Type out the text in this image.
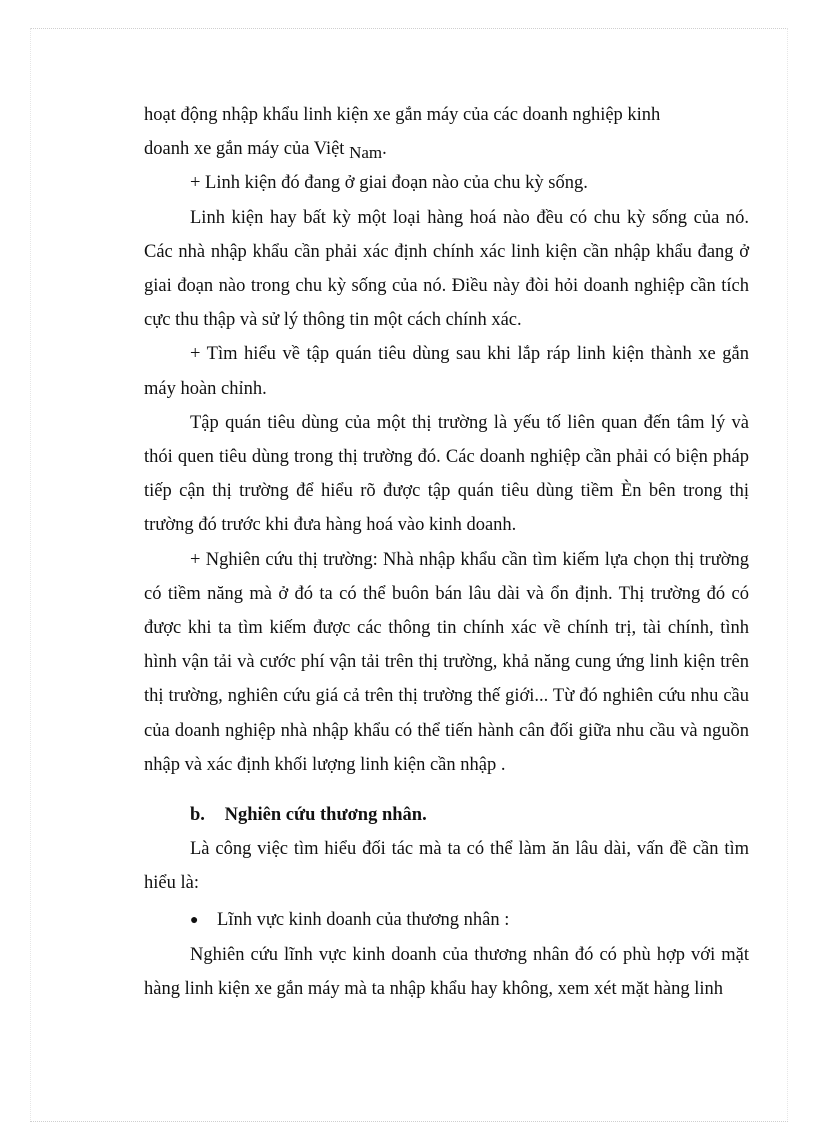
hoạt động nhập khẩu linh kiện xe gắn máy của các doanh nghiệp kinh
doanh xe gắn máy của Việt Nam.

+ Linh kiện đó đang ở giai đoạn nào của chu kỳ sống.

Linh kiện hay bất kỳ một loại hàng hoá nào đều có chu kỳ sống của nó. Các nhà nhập khẩu cần phải xác định chính xác linh kiện cần nhập khẩu đang ở giai đoạn nào trong chu kỳ sống của nó. Điều này đòi hỏi doanh nghiệp cần tích cực thu thập và sử lý thông tin một cách chính xác.

+ Tìm hiểu về tập quán tiêu dùng sau khi lắp ráp linh kiện thành xe gắn máy hoàn chỉnh.

Tập quán tiêu dùng của một thị trường là yếu tố liên quan đến tâm lý và thói quen tiêu dùng trong thị trường đó. Các doanh nghiệp cần phải có biện pháp tiếp cận thị trường để hiểu rõ được tập quán tiêu dùng tiềm Èn bên trong thị trường đó trước khi đưa hàng hoá vào kinh doanh.

+ Nghiên cứu thị trường: Nhà nhập khẩu cần tìm kiếm lựa chọn thị trường có tiềm năng mà ở đó ta có thể buôn bán lâu dài và ổn định. Thị trường đó có được khi ta tìm kiếm được các thông tin chính xác về chính trị, tài chính, tình hình vận tải và cước phí vận tải trên thị trường, khả năng cung ứng linh kiện trên thị trường, nghiên cứu giá cả trên thị trường thế giới... Từ đó nghiên cứu nhu cầu của doanh nghiệp nhà nhập khẩu có thể tiến hành cân đối giữa nhu cầu và nguồn nhập và xác định khối lượng linh kiện cần nhập .

b. Nghiên cứu thương nhân.

Là công việc tìm hiểu đối tác mà ta có thể làm ăn lâu dài, vấn đề cần tìm hiểu là:

● Lĩnh vực kinh doanh của thương nhân :

Nghiên cứu lĩnh vực kinh doanh của thương nhân đó có phù hợp với mặt hàng linh kiện xe gắn máy mà ta nhập khẩu hay không, xem xét mặt hàng linh
